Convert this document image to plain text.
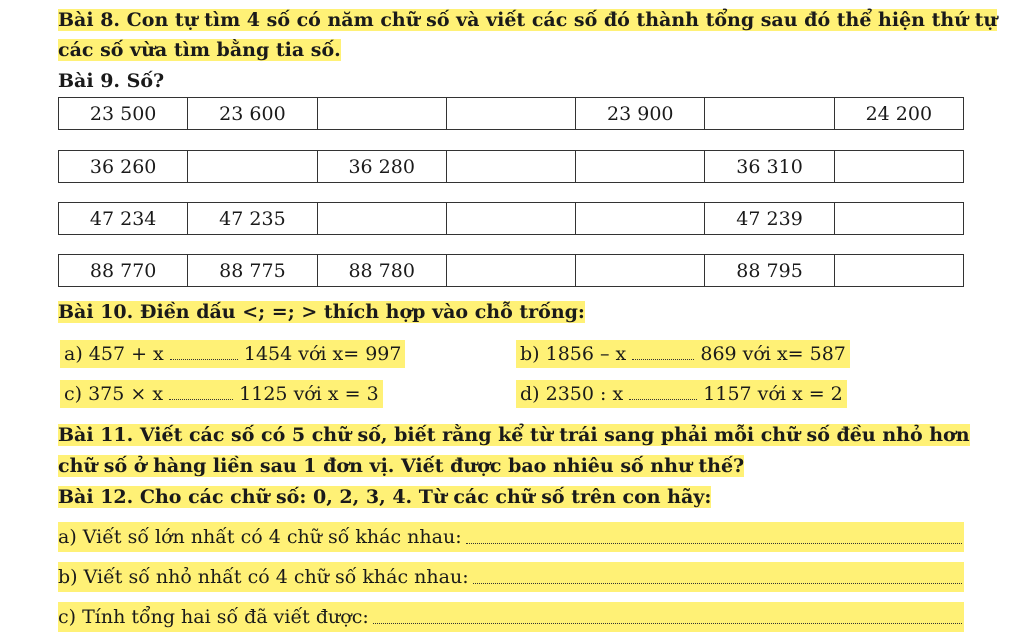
Bài 8. Con tự tìm 4 số có năm chữ số và viết các số đó thành tổng sau đó thể hiện thứ tự
các số vừa tìm bằng tia số.
Bài 9. Số?
23 500	23 600			23 900		24 200
36 260		36 280			36 310	
47 234	47 235				47 239	
88 770	88 775	88 780			88 795	
Bài 10. Điền dấu <; =; > thích hợp vào chỗ trống:
a) 457 + x	1454 với x= 997	b) 1856 – x	869 với x= 587
c) 375 × x	1125 với x = 3	d) 2350 : x	1157 với x = 2
Bài 11. Viết các số có 5 chữ số, biết rằng kể từ trái sang phải mỗi chữ số đều nhỏ hơn
chữ số ở hàng liền sau 1 đơn vị. Viết được bao nhiêu số như thế?
Bài 12. Cho các chữ số: 0, 2, 3, 4. Từ các chữ số trên con hãy:
a) Viết số lớn nhất có 4 chữ số khác nhau:
b) Viết số nhỏ nhất có 4 chữ số khác nhau:
c) Tính tổng hai số đã viết được:
